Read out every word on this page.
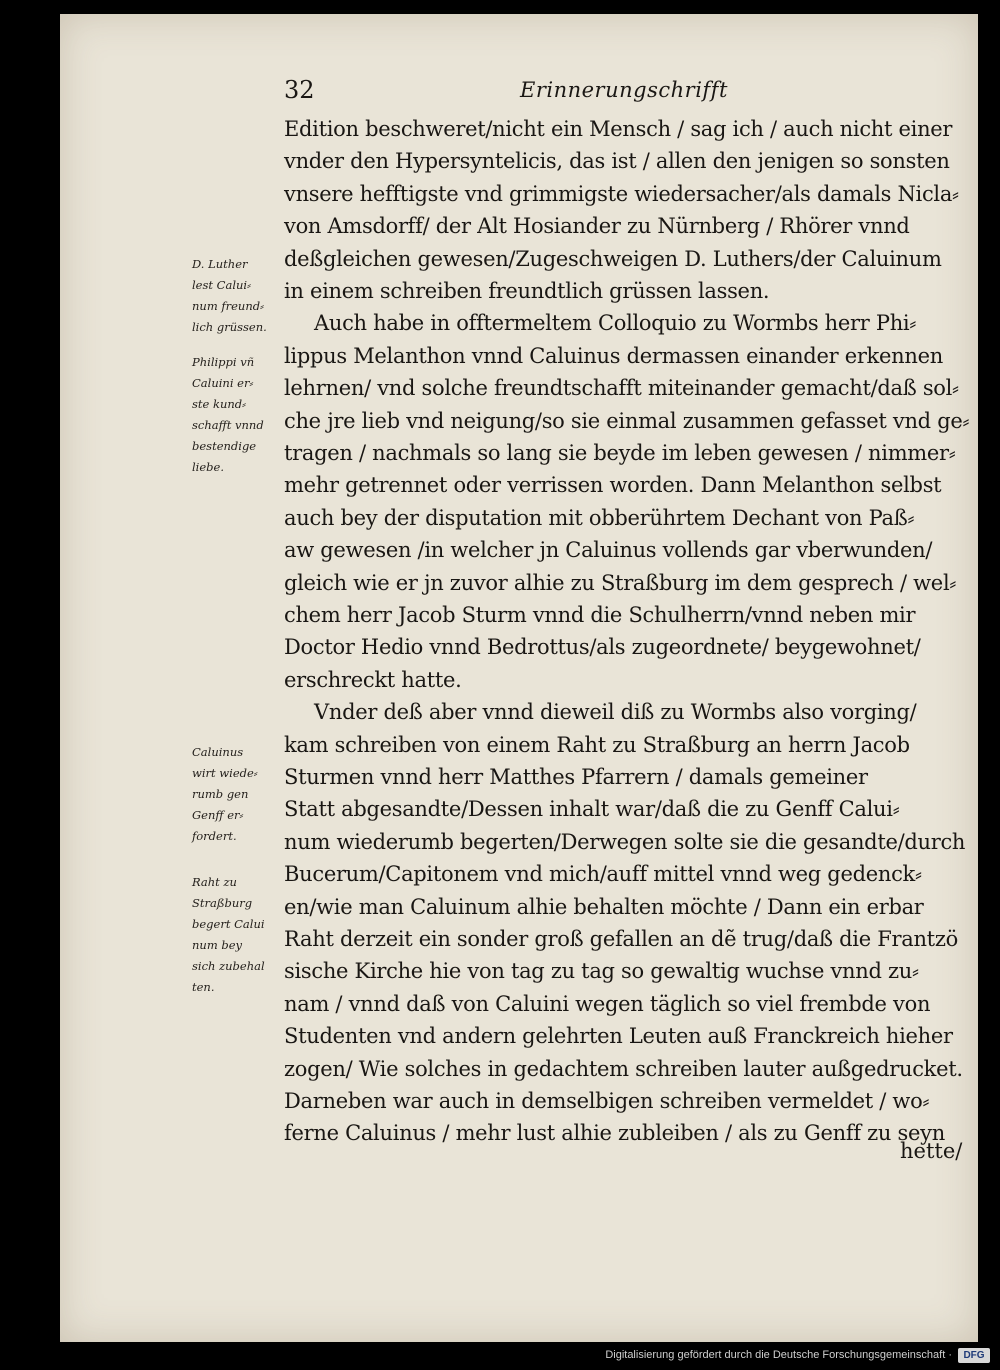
32	Erinnerungschrifft
D. Luther
lest Calui⸗
num freund⸗
lich grüssen.
Philippi vñ
Caluini er⸗
ste kund⸗
schafft vnnd
bestendige
liebe.
Caluinus
wirt wiede⸗
rumb gen
Genff er⸗
fordert.
Raht zu
Straßburg
begert Calui
num bey
sich zubehal
ten.
Edition beschweret/nicht ein Mensch / sag ich / auch nicht einer
vnder den Hypersyntelicis, das ist / allen den jenigen so sonsten
vnsere hefftigste vnd grimmigste wiedersacher/als damals Nicla⸗
von Amsdorff/ der Alt Hosiander zu Nürnberg / Rhörer vnnd
deßgleichen gewesen/Zugeschweigen D. Luthers/der Caluinum
in einem schreiben freundtlich grüssen lassen.
Auch habe in offtermeltem Colloquio zu Wormbs herr Phi⸗
lippus Melanthon vnnd Caluinus dermassen einander erkennen
lehrnen/ vnd solche freundtschafft miteinander gemacht/daß sol⸗
che jre lieb vnd neigung/so sie einmal zusammen gefasset vnd ge⸗
tragen / nachmals so lang sie beyde im leben gewesen / nimmer⸗
mehr getrennet oder verrissen worden. Dann Melanthon selbst
auch bey der disputation mit obberührtem Dechant von Paß⸗
aw gewesen /in welcher jn Caluinus vollends gar vberwunden/
gleich wie er jn zuvor alhie zu Straßburg im dem gesprech / wel⸗
chem herr Jacob Sturm vnnd die Schulherrn/vnnd neben mir
Doctor Hedio vnnd Bedrottus/als zugeordnete/ beygewohnet/
erschreckt hatte.
Vnder deß aber vnnd dieweil diß zu Wormbs also vorging/
kam schreiben von einem Raht zu Straßburg an herrn Jacob
Sturmen vnnd herr Matthes Pfarrern / damals gemeiner
Statt abgesandte/Dessen inhalt war/daß die zu Genff Calui⸗
num wiederumb begerten/Derwegen solte sie die gesandte/durch
Bucerum/Capitonem vnd mich/auff mittel vnnd weg gedenck⸗
en/wie man Caluinum alhie behalten möchte / Dann ein erbar
Raht derzeit ein sonder groß gefallen an dẽ trug/daß die Frantzö
sische Kirche hie von tag zu tag so gewaltig wuchse vnnd zu⸗
nam / vnnd daß von Caluini wegen täglich so viel frembde von
Studenten vnd andern gelehrten Leuten auß Franckreich hieher
zogen/ Wie solches in gedachtem schreiben lauter außgedrucket.
Darneben war auch in demselbigen schreiben vermeldet / wo⸗
ferne Caluinus / mehr lust alhie zubleiben / als zu Genff zu seyn
hette/
Digitalisierung gefördert durch die Deutsche Forschungsgemeinschaft ·	DFG
